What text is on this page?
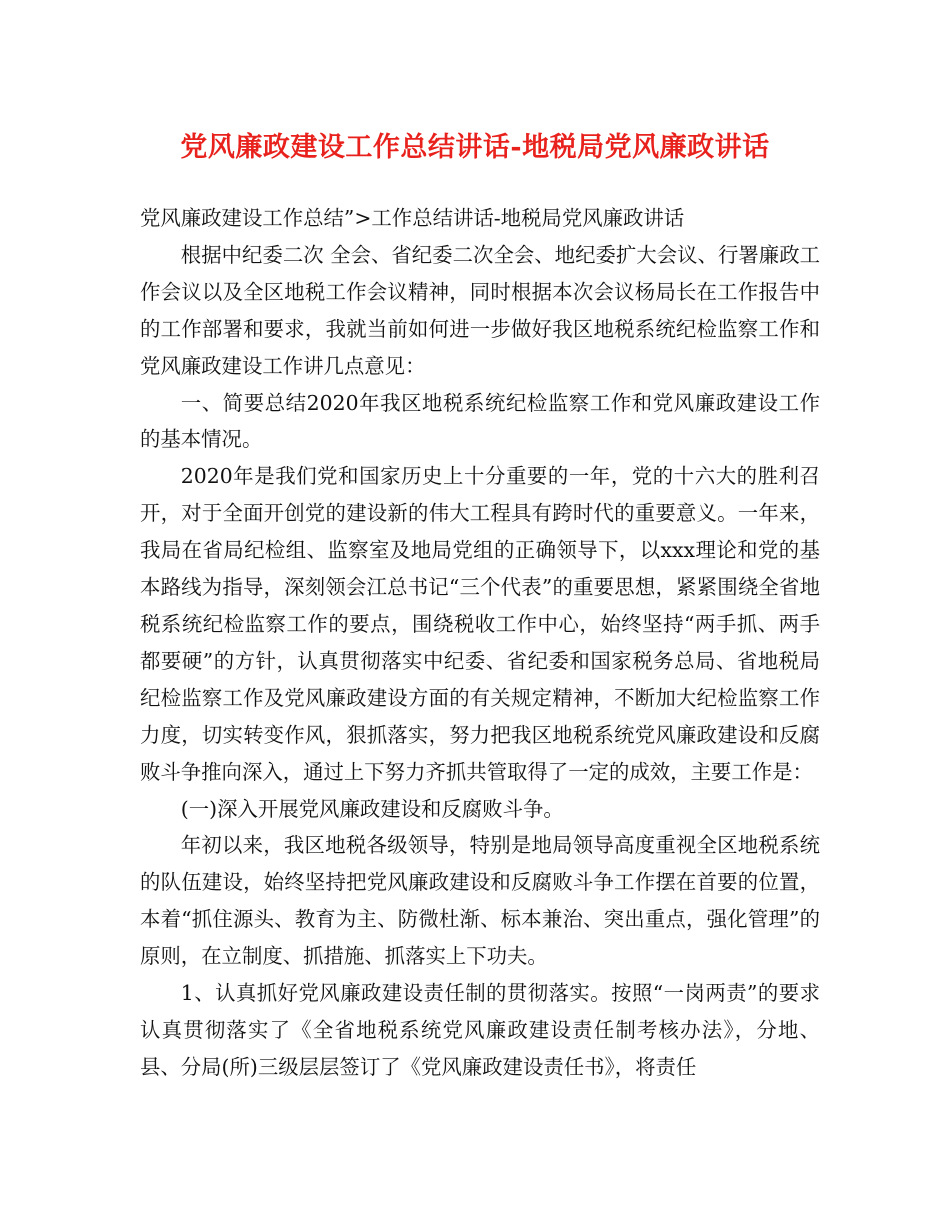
党风廉政建设工作总结讲话-地税局党风廉政讲话

党风廉政建设工作总结”>工作总结讲话-地税局党风廉政讲话

根据中纪委二次 全会、省纪委二次全会、地纪委扩大会议、行署廉政工作会议以及全区地税工作会议精神，同时根据本次会议杨局长在工作报告中的工作部署和要求，我就当前如何进一步做好我区地税系统纪检监察工作和党风廉政建设工作讲几点意见：

一、简要总结2020年我区地税系统纪检监察工作和党风廉政建设工作的基本情况。

2020年是我们党和国家历史上十分重要的一年，党的十六大的胜利召开，对于全面开创党的建设新的伟大工程具有跨时代的重要意义。一年来，我局在省局纪检组、监察室及地局党组的正确领导下，以xxx理论和党的基本路线为指导，深刻领会江总书记“三个代表”的重要思想，紧紧围绕全省地税系统纪检监察工作的要点，围绕税收工作中心，始终坚持“两手抓、两手都要硬”的方针，认真贯彻落实中纪委、省纪委和国家税务总局、省地税局纪检监察工作及党风廉政建设方面的有关规定精神，不断加大纪检监察工作力度，切实转变作风，狠抓落实，努力把我区地税系统党风廉政建设和反腐败斗争推向深入，通过上下努力齐抓共管取得了一定的成效，主要工作是：

(一)深入开展党风廉政建设和反腐败斗争。

年初以来，我区地税各级领导，特别是地局领导高度重视全区地税系统的队伍建设，始终坚持把党风廉政建设和反腐败斗争工作摆在首要的位置，本着“抓住源头、教育为主、防微杜渐、标本兼治、突出重点，强化管理”的原则，在立制度、抓措施、抓落实上下功夫。

1、认真抓好党风廉政建设责任制的贯彻落实。按照“一岗两责”的要求认真贯彻落实了《全省地税系统党风廉政建设责任制考核办法》，分地、县、分局(所)三级层层签订了《党风廉政建设责任书》，将责任
